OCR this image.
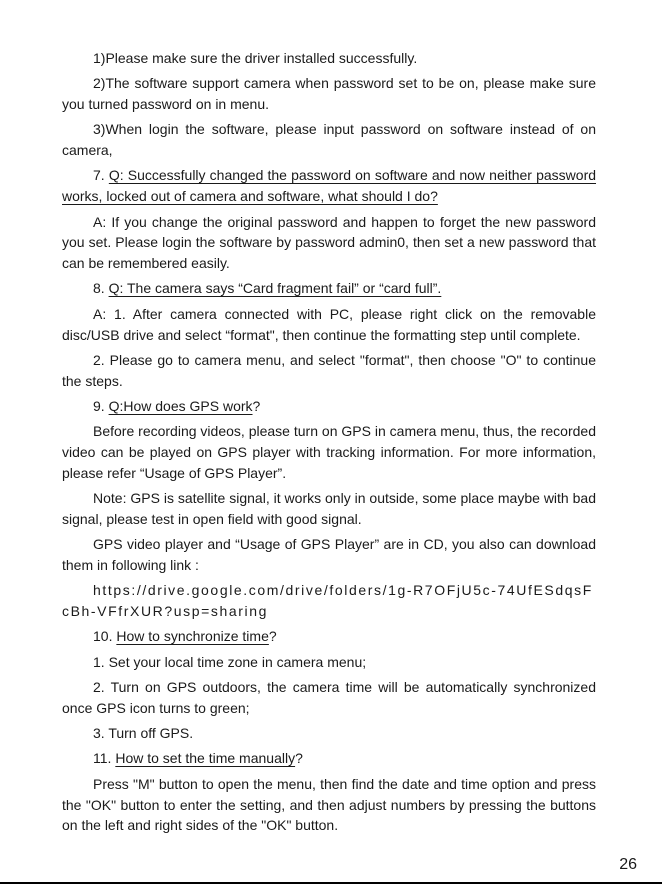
1)Please make sure the driver installed successfully.

2)The software support camera when password set to be on, please make sure you turned password on in menu.

3)When login the software, please input password on software instead of on camera,

7. Q: Successfully changed the password on software and now neither password works, locked out of camera and software, what should I do?

A: If you change the original password and happen to forget the new password you set. Please login the software by password admin0, then set a new password that can be remembered easily.

8. Q: The camera says “Card fragment fail” or “card full”.

A: 1. After camera connected with PC, please right click on the removable disc/USB drive and select “format", then continue the formatting step until complete.

2. Please go to camera menu, and select "format", then choose "O" to continue the steps.

9. Q:How does GPS work?

Before recording videos, please turn on GPS in camera menu, thus, the recorded video can be played on GPS player with tracking information. For more information, please refer “Usage of GPS Player”.

Note: GPS is satellite signal, it works only in outside, some place maybe with bad signal, please test in open field with good signal.

GPS video player and “Usage of GPS Player” are in CD, you also can download them in following link :

https://drive.google.com/drive/folders/1g-R7OFjU5c-74UfESdqsFcBh-VFfrXUR?usp=sharing

10. How to synchronize time?

1. Set your local time zone in camera menu;

2. Turn on GPS outdoors, the camera time will be automatically synchronized once GPS icon turns to green;

3. Turn off GPS.

11. How to set the time manually?

Press "M" button to open the menu, then find the date and time option and press the "OK" button to enter the setting, and then adjust numbers by pressing the buttons on the left and right sides of the "OK" button.

26
